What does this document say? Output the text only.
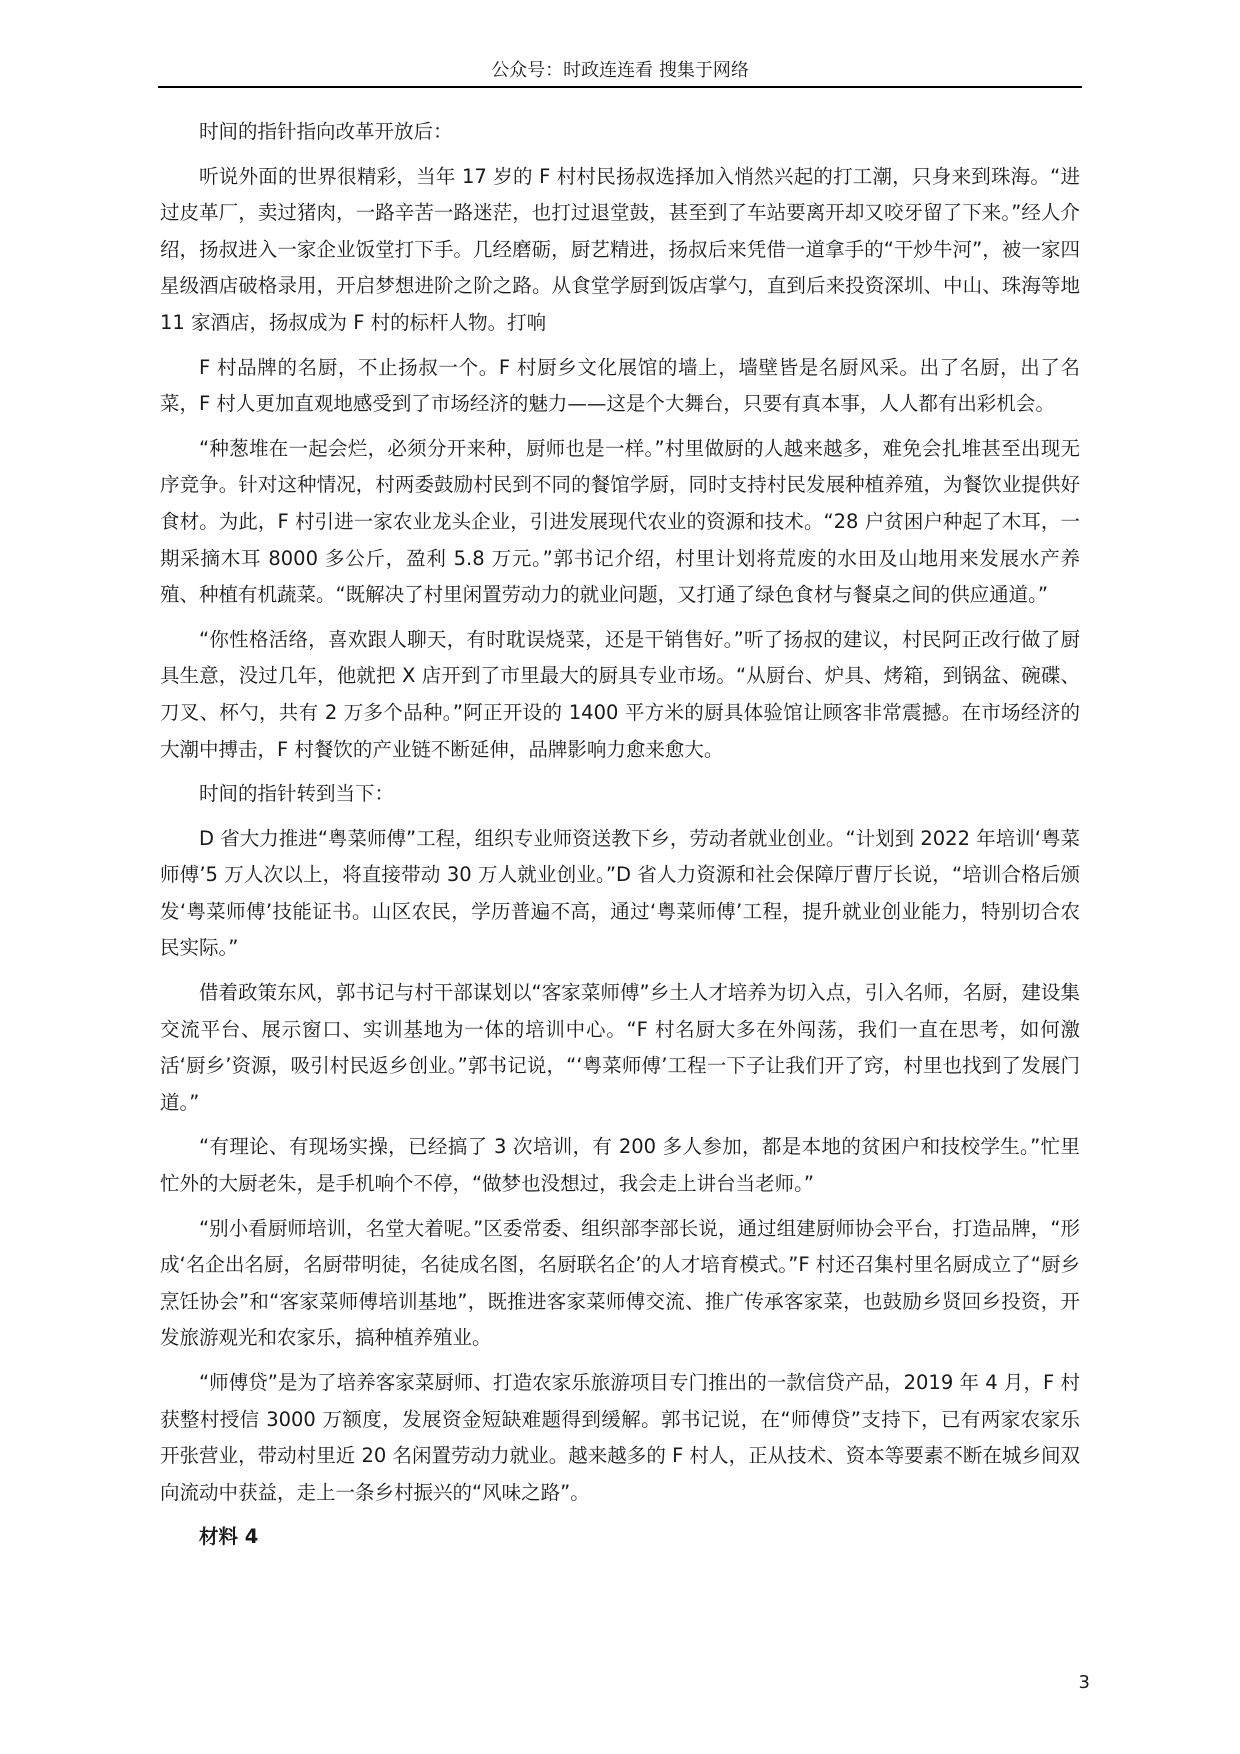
公众号：时政连连看 搜集于网络

时间的指针指向改革开放后：

听说外面的世界很精彩，当年 17 岁的 F 村村民扬叔选择加入悄然兴起的打工潮，只身来到珠海。“进过皮革厂，卖过猪肉，一路辛苦一路迷茫，也打过退堂鼓，甚至到了车站要离开却又咬牙留了下来。”经人介绍，扬叔进入一家企业饭堂打下手。几经磨砺，厨艺精进，扬叔后来凭借一道拿手的“干炒牛河”，被一家四星级酒店破格录用，开启梦想进阶之阶之路。从食堂学厨到饭店掌勺，直到后来投资深圳、中山、珠海等地 11 家酒店，扬叔成为 F 村的标杆人物。打响

F 村品牌的名厨，不止扬叔一个。F 村厨乡文化展馆的墙上，墙壁皆是名厨风采。出了名厨，出了名菜，F 村人更加直观地感受到了市场经济的魅力——这是个大舞台，只要有真本事，人人都有出彩机会。

“种葱堆在一起会烂，必须分开来种，厨师也是一样。”村里做厨的人越来越多，难免会扎堆甚至出现无序竞争。针对这种情况，村两委鼓励村民到不同的餐馆学厨，同时支持村民发展种植养殖，为餐饮业提供好食材。为此，F 村引进一家农业龙头企业，引进发展现代农业的资源和技术。“28 户贫困户种起了木耳，一期采摘木耳 8000 多公斤，盈利 5.8 万元。”郭书记介绍，村里计划将荒废的水田及山地用来发展水产养殖、种植有机蔬菜。“既解决了村里闲置劳动力的就业问题，又打通了绿色食材与餐桌之间的供应通道。”

“你性格活络，喜欢跟人聊天，有时耽误烧菜，还是干销售好。”听了扬叔的建议，村民阿正改行做了厨具生意，没过几年，他就把 X 店开到了市里最大的厨具专业市场。“从厨台、炉具、烤箱，到锅盆、碗碟、刀叉、杯勺，共有 2 万多个品种。”阿正开设的 1400 平方米的厨具体验馆让顾客非常震撼。在市场经济的大潮中搏击，F 村餐饮的产业链不断延伸，品牌影响力愈来愈大。

时间的指针转到当下：

D 省大力推进“粤菜师傅”工程，组织专业师资送教下乡，劳动者就业创业。“计划到 2022 年培训‘粤菜师傅’5 万人次以上，将直接带动 30 万人就业创业。”D 省人力资源和社会保障厅曹厅长说，“培训合格后颁发‘粤菜师傅’技能证书。山区农民，学历普遍不高，通过‘粤菜师傅’工程，提升就业创业能力，特别切合农民实际。”

借着政策东风，郭书记与村干部谋划以“客家菜师傅”乡土人才培养为切入点，引入名师，名厨，建设集交流平台、展示窗口、实训基地为一体的培训中心。“F 村名厨大多在外闯荡，我们一直在思考，如何激活‘厨乡’资源，吸引村民返乡创业。”郭书记说，“‘粤菜师傅’工程一下子让我们开了窍，村里也找到了发展门道。”

“有理论、有现场实操，已经搞了 3 次培训，有 200 多人参加，都是本地的贫困户和技校学生。”忙里忙外的大厨老朱，是手机响个不停，“做梦也没想过，我会走上讲台当老师。”

“别小看厨师培训，名堂大着呢。”区委常委、组织部李部长说，通过组建厨师协会平台，打造品牌，“形成‘名企出名厨，名厨带明徒，名徒成名图，名厨联名企’的人才培育模式。”F 村还召集村里名厨成立了“厨乡烹饪协会”和“客家菜师傅培训基地”，既推进客家菜师傅交流、推广传承客家菜，也鼓励乡贤回乡投资，开发旅游观光和农家乐，搞种植养殖业。

“师傅贷”是为了培养客家菜厨师、打造农家乐旅游项目专门推出的一款信贷产品，2019 年 4 月，F 村获整村授信 3000 万额度，发展资金短缺难题得到缓解。郭书记说，在“师傅贷”支持下，已有两家农家乐开张营业，带动村里近 20 名闲置劳动力就业。越来越多的 F 村人，正从技术、资本等要素不断在城乡间双向流动中获益，走上一条乡村振兴的“风味之路”。

材料 4

3
